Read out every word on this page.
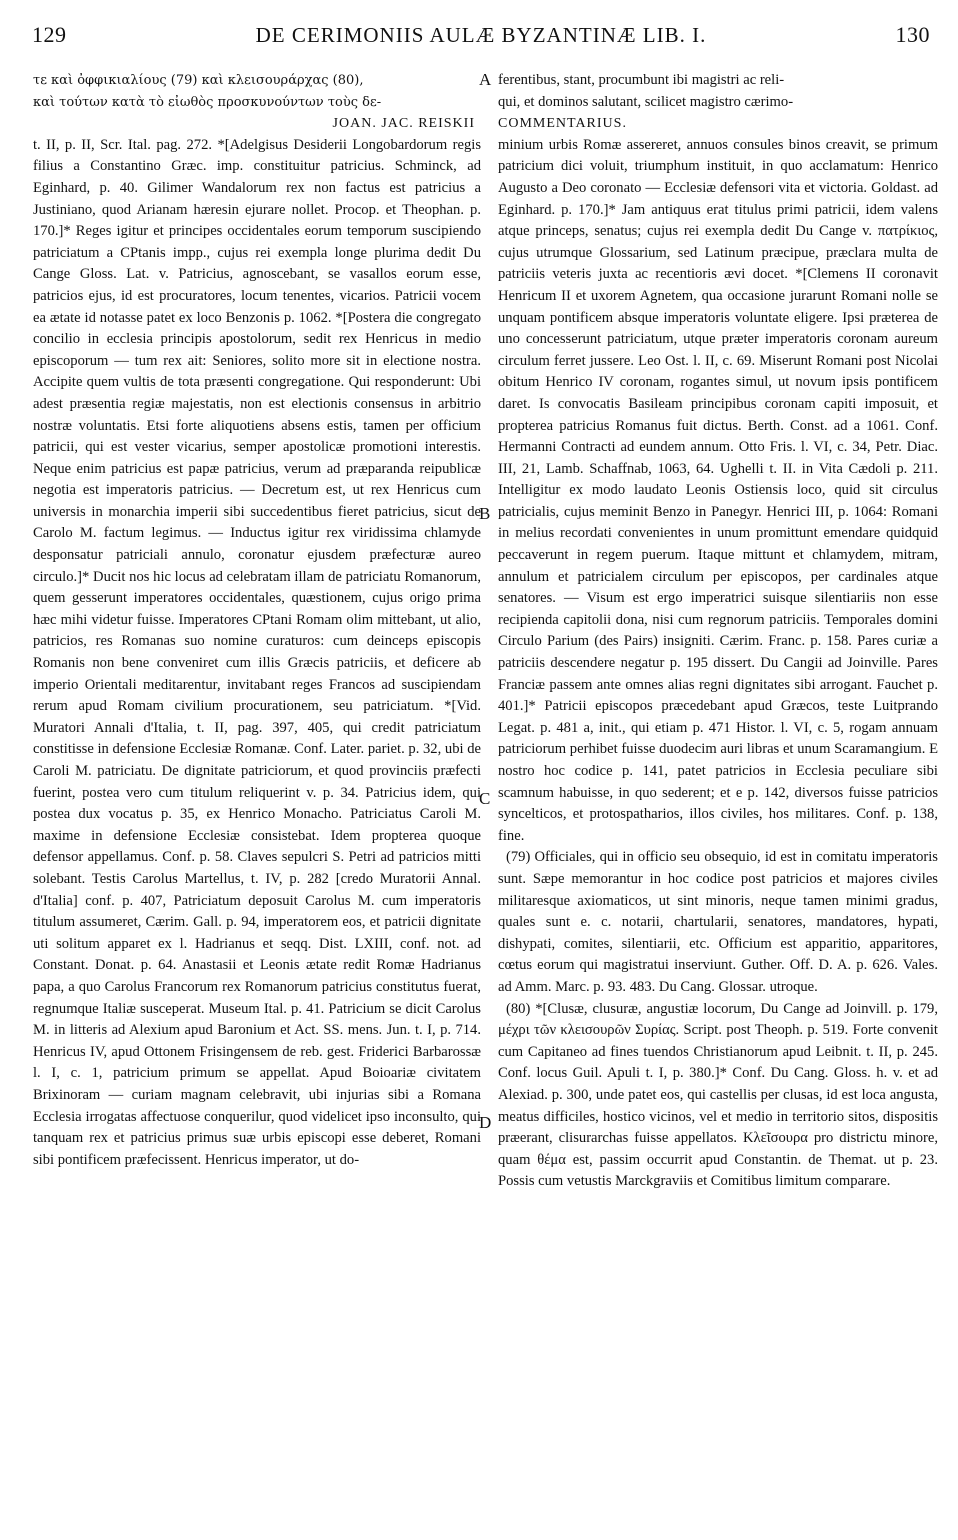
129	DE CERIMONIIS AULÆ BYZANTINÆ LIB. I.	130
A
B
C
D

τε καὶ ὀφφικιαλίους (79) καὶ κλεισουράρχας (80),

καὶ τούτων κατὰ τὸ εἰωθὸς προσκυνούντων τοὺς δε-

JOAN. JAC. REISKII

t. II, p. II, Scr. Ital. pag. 272. *[Adelgisus Desiderii Longobardorum regis filius a Constantino Græc. imp. constituitur patricius. Schminck, ad Eginhard, p. 40. Gilimer Wandalorum rex non factus est patricius a Justiniano, quod Arianam hæresin ejurare nollet. Procop. et Theophan. p. 170.]* Reges igitur et principes occidentales eorum temporum suscipiendo patriciatum a CPtanis impp., cujus rei exempla longe plurima dedit Du Cange Gloss. Lat. v. Patricius, agnoscebant, se vasallos eorum esse, patricios ejus, id est procuratores, locum tenentes, vicarios. Patricii vocem ea ætate id notasse patet ex loco Benzonis p. 1062. *[Postera die congregato concilio in ecclesia principis apostolorum, sedit rex Henricus in medio episcoporum — tum rex ait: Seniores, solito more sit in electione nostra. Accipite quem vultis de tota præsenti congregatione. Qui responderunt: Ubi adest præsentia regiæ majestatis, non est electionis consensus in arbitrio nostræ voluntatis. Etsi forte aliquotiens absens estis, tamen per officium patricii, qui est vester vicarius, semper apostolicæ promotioni interestis. Neque enim patricius est papæ patricius, verum ad præparanda reipublicæ negotia est imperatoris patricius. — Decretum est, ut rex Henricus cum universis in monarchia imperii sibi succedentibus fieret patricius, sicut de Carolo M. factum legimus. — Inductus igitur rex viridissima chlamyde desponsatur patriciali annulo, coronatur ejusdem præfecturæ aureo circulo.]* Ducit nos hic locus ad celebratam illam de patriciatu Romanorum, quem gesserunt imperatores occidentales, quæstionem, cujus origo prima hæc mihi videtur fuisse. Imperatores CPtani Romam olim mittebant, ut alio, patricios, res Romanas suo nomine curaturos: cum deinceps episcopis Romanis non bene conveniret cum illis Græcis patriciis, et deficere ab imperio Orientali meditarentur, invitabant reges Francos ad suscipiendam rerum apud Romam civilium procurationem, seu patriciatum. *[Vid. Muratori Annali d'Italia, t. II, pag. 397, 405, qui credit patriciatum constitisse in defensione Ecclesiæ Romanæ. Conf. Later. pariet. p. 32, ubi de Caroli M. patriciatu. De dignitate patriciorum, et quod provinciis præfecti fuerint, postea vero cum titulum reliquerint v. p. 34. Patricius idem, qui postea dux vocatus p. 35, ex Henrico Monacho. Patriciatus Caroli M. maxime in defensione Ecclesiæ consistebat. Idem propterea quoque defensor appellamus. Conf. p. 58. Claves sepulcri S. Petri ad patricios mitti solebant. Testis Carolus Martellus, t. IV, p. 282 [credo Muratorii Annal. d'Italia] conf. p. 407, Patriciatum deposuit Carolus M. cum imperatoris titulum assumeret, Cærim. Gall. p. 94, imperatorem eos, et patricii dignitate uti solitum apparet ex l. Hadrianus et seqq. Dist. LXIII, conf. not. ad Constant. Donat. p. 64. Anastasii et Leonis ætate redit Romæ Hadrianus papa, a quo Carolus Francorum rex Romanorum patricius constitutus fuerat, regnumque Italiæ susceperat. Museum Ital. p. 41. Patricium se dicit Carolus M. in litteris ad Alexium apud Baronium et Act. SS. mens. Jun. t. I, p. 714. Henricus IV, apud Ottonem Frisingensem de reb. gest. Friderici Barbarossæ l. I, c. 1, patricium primum se appellat. Apud Boioariæ civitatem Brixinoram — curiam magnam celebravit, ubi injurias sibi a Romana Ecclesia irrogatas affectuose conquerilur, quod videlicet ipso inconsulto, qui tanquam rex et patricius primus suæ urbis episcopi esse deberet, Romani sibi pontificem præfecissent. Henricus imperator, ut do-

ferentibus, stant, procumbunt ibi magistri ac reli-

qui, et dominos salutant, scilicet magistro cærimo-

COMMENTARIUS.

minium urbis Romæ assereret, annuos consules binos creavit, se primum patricium dici voluit, triumphum instituit, in quo acclamatum: Henrico Augusto a Deo coronato — Ecclesiæ defensori vita et victoria. Goldast. ad Eginhard. p. 170.]* Jam antiquus erat titulus primi patricii, idem valens atque princeps, senatus; cujus rei exempla dedit Du Cange v. πατρίκιος, cujus utrumque Glossarium, sed Latinum præcipue, præclara multa de patriciis veteris juxta ac recentioris ævi docet. *[Clemens II coronavit Henricum II et uxorem Agnetem, qua occasione jurarunt Romani nolle se unquam pontificem absque imperatoris voluntate eligere. Ipsi præterea de uno concesserunt patriciatum, utque præter imperatoris coronam aureum circulum ferret jussere. Leo Ost. l. II, c. 69. Miserunt Romani post Nicolai obitum Henrico IV coronam, rogantes simul, ut novum ipsis pontificem daret. Is convocatis Basileam principibus coronam capiti imposuit, et propterea patricius Romanus fuit dictus. Berth. Const. ad a 1061. Conf. Hermanni Contracti ad eundem annum. Otto Fris. l. VI, c. 34, Petr. Diac. III, 21, Lamb. Schaffnab, 1063, 64. Ughelli t. II. in Vita Cædoli p. 211. Intelligitur ex modo laudato Leonis Ostiensis loco, quid sit circulus patricialis, cujus meminit Benzo in Panegyr. Henrici III, p. 1064: Romani in melius recordati convenientes in unum promittunt emendare quidquid peccaverunt in regem puerum. Itaque mittunt et chlamydem, mitram, annulum et patricialem circulum per episcopos, per cardinales atque senatores. — Visum est ergo imperatrici suisque silentiariis non esse recipienda capitolii dona, nisi cum regnorum patriciis. Temporales domini Circulo Parium (des Pairs) insigniti. Cærim. Franc. p. 158. Pares curiæ a patriciis descendere negatur p. 195 dissert. Du Cangii ad Joinville. Pares Franciæ passem ante omnes alias regni dignitates sibi arrogant. Fauchet p. 401.]* Patricii episcopos præcedebant apud Græcos, teste Luitprando Legat. p. 481 a, init., qui etiam p. 471 Histor. l. VI, c. 5, rogam annuam patriciorum perhibet fuisse duodecim auri libras et unum Scaramangium. E nostro hoc codice p. 141, patet patricios in Ecclesia peculiare sibi scamnum habuisse, in quo sederent; et e p. 142, diversos fuisse patricios syncelticos, et protospatharios, illos civiles, hos militares. Conf. p. 138, fine.

(79) Officiales, qui in officio seu obsequio, id est in comitatu imperatoris sunt. Sæpe memorantur in hoc codice post patricios et majores civiles militaresque axiomaticos, ut sint minoris, neque tamen minimi gradus, quales sunt e. c. notarii, chartularii, senatores, mandatores, hypati, dishypati, comites, silentiarii, etc. Officium est apparitio, apparitores, cœtus eorum qui magistratui inserviunt. Guther. Off. D. A. p. 626. Vales. ad Amm. Marc. p. 93. 483. Du Cang. Glossar. utroque.

(80) *[Clusæ, clusuræ, angustiæ locorum, Du Cange ad Joinvill. p. 179, μέχρι τῶν κλεισουρῶν Συρίας. Script. post Theoph. p. 519. Forte convenit cum Capitaneo ad fines tuendos Christianorum apud Leibnit. t. II, p. 245. Conf. locus Guil. Apuli t. I, p. 380.]* Conf. Du Cang. Gloss. h. v. et ad Alexiad. p. 300, unde patet eos, qui castellis per clusas, id est loca angusta, meatus difficiles, hostico vicinos, vel et medio in territorio sitos, dispositis præerant, clisurarchas fuisse appellatos. Κλεῖσουρα pro districtu minore, quam θέμα est, passim occurrit apud Constantin. de Themat. ut p. 23. Possis cum vetustis Marckgraviis et Comitibus limitum comparare.
